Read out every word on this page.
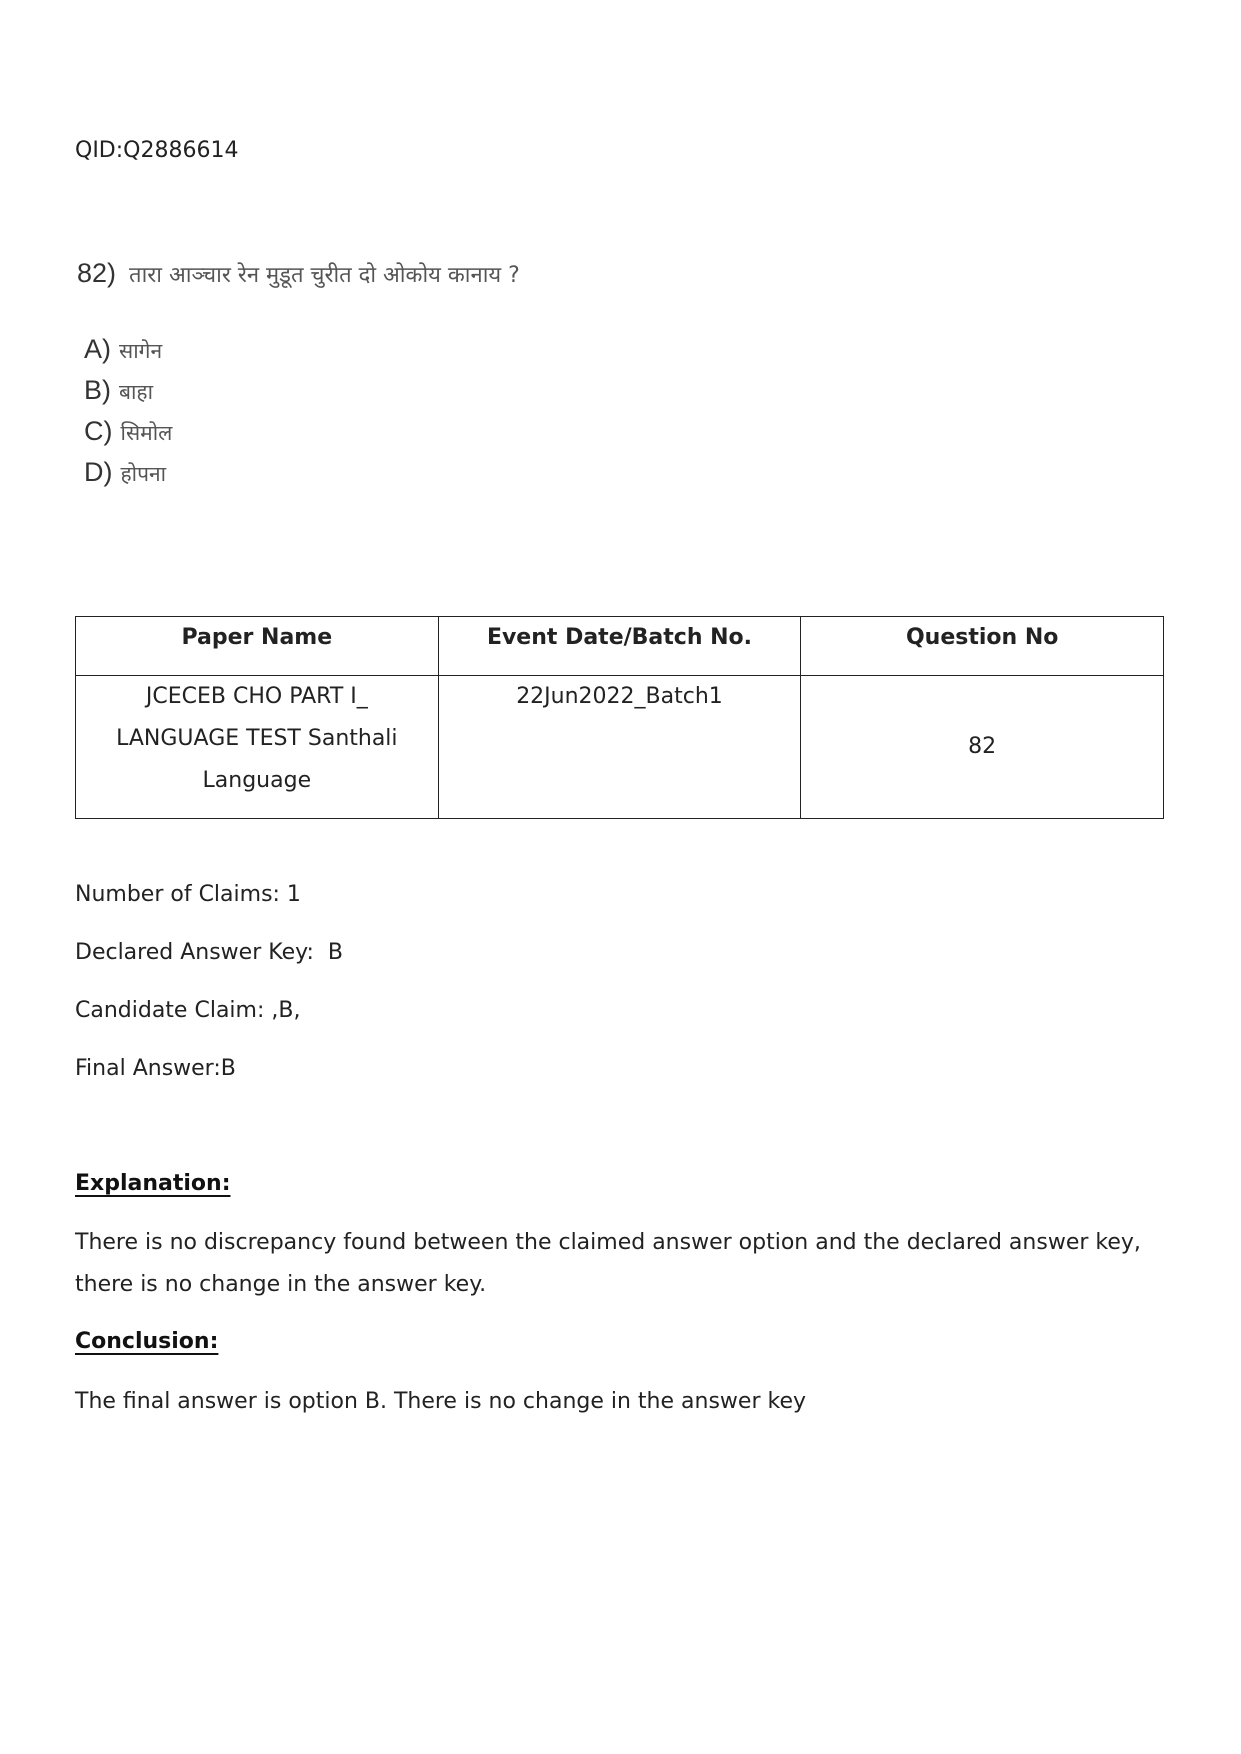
QID:Q2886614
82) तारा आञ्चार रेन मुडूत चुरीत दो ओकोय कानाय ?
A) सागेन
B) बाहा
C) सिमोल
D) होपना
Paper Name	Event Date/Batch No.	Question No
JCECEB CHO PART I_ LANGUAGE TEST Santhali Language	22Jun2022_Batch1	82

Number of Claims: 1

Declared Answer Key:  B

Candidate Claim: ,B,

Final Answer:B

Explanation:

There is no discrepancy found between the claimed answer option and the declared answer key, there is no change in the answer key.

Conclusion:

The final answer is option B. There is no change in the answer key
